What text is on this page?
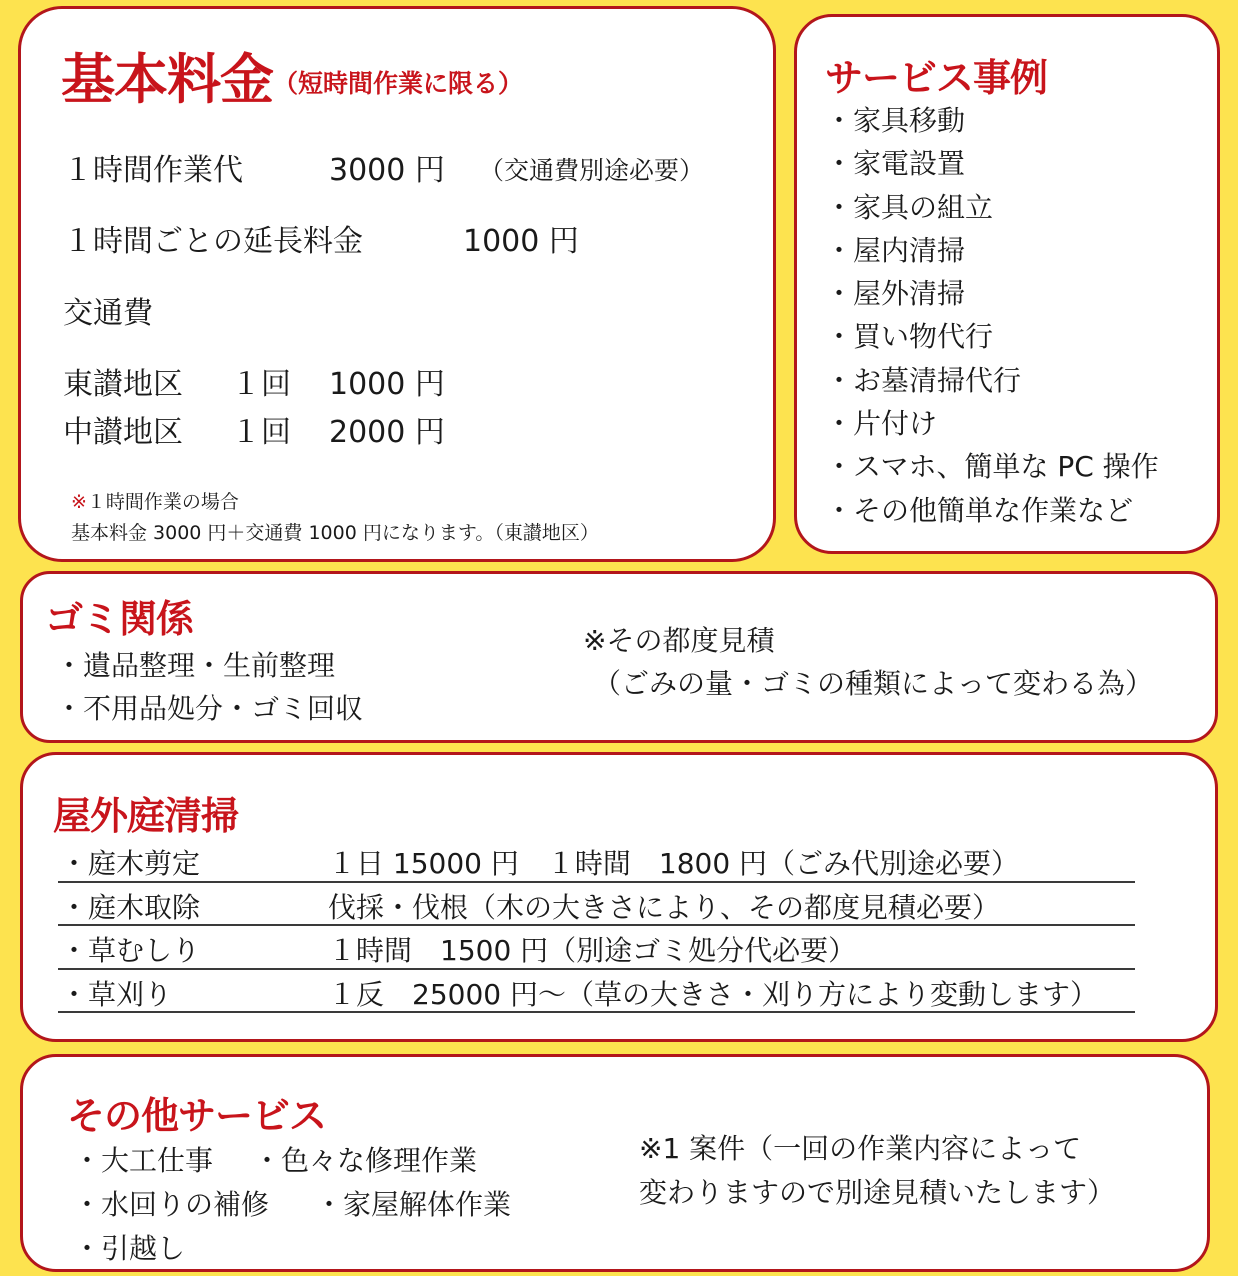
基本料金$^{(短時間作業に限る)}$
１時間作業代	3000 円 （交通費別途必要）
１時間ごとの延長料金	1000 円
交通費
東讃地区 １回 1000 円
中讃地区 １回 2000 円
※１時間作業の場合
基本料金 3000 円＋交通費 1000 円になります。（東讃地区）
サービス事例
・家具移動
・家電設置
・家具の組立
・屋内清掃
・屋外清掃
・買い物代行
・お墓清掃代行
・片付け
・スマホ、簡単な PC 操作
・その他簡単な作業など
ゴミ関係
・遺品整理・生前整理
・不用品処分・ゴミ回収
※その都度見積
（ごみの量・ゴミの種類によって変わる為）
屋外庭清掃
・庭木剪定	１日 15000 円　１時間　1800 円（ごみ代別途必要）
・庭木取除	伐採・伐根（木の大きさにより、その都度見積必要）
・草むしり	１時間　1500 円（別途ゴミ処分代必要）
・草刈り	１反　25000 円～（草の大きさ・刈り方により変動します）
その他サービス
・大工仕事 ・色々な修理作業
・水回りの補修 ・家屋解体作業
・引越し
※1 案件（一回の作業内容によって
変わりますので別途見積いたします）
